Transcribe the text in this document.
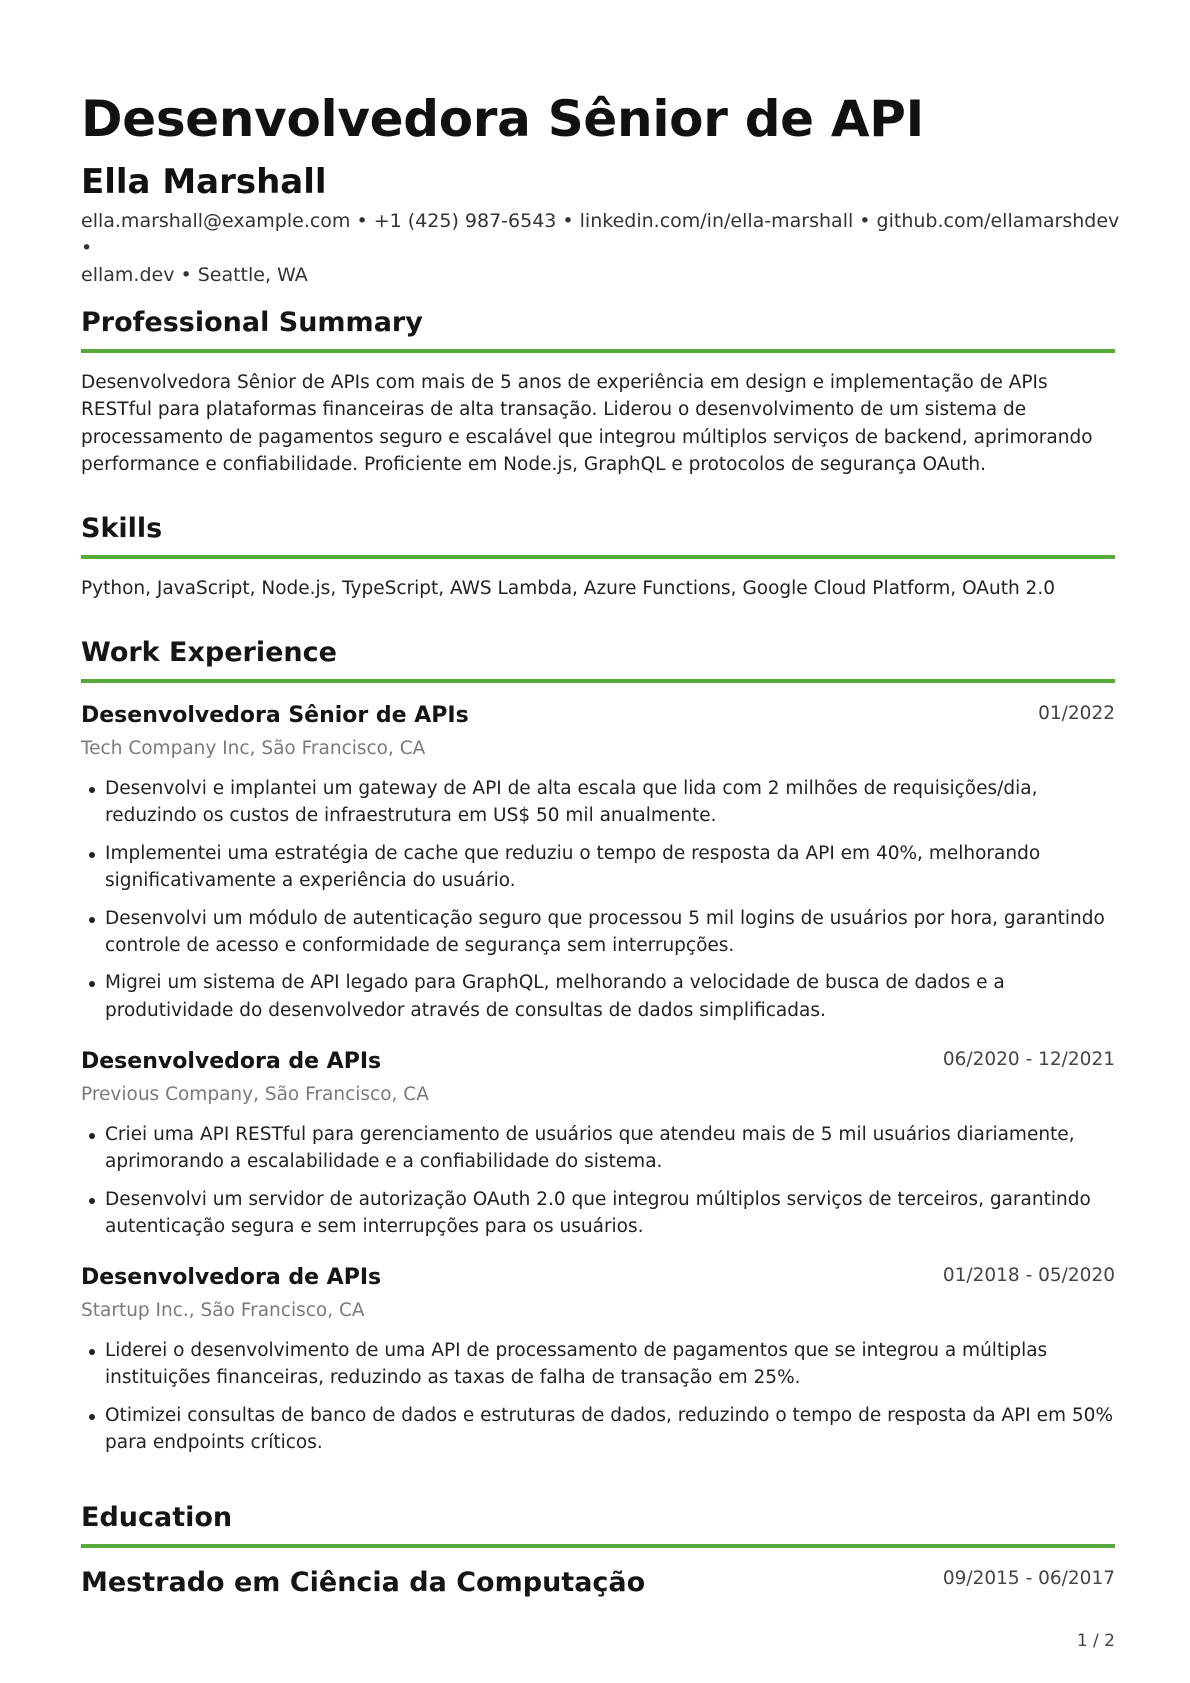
Desenvolvedora Sênior de API
Ella Marshall
ella.marshall@example.com • +1 (425) 987-6543 • linkedin.com/in/ella-marshall • github.com/ellamarshdev •
ellam.dev • Seattle, WA
Professional Summary

Desenvolvedora Sênior de APIs com mais de 5 anos de experiência em design e implementação de APIs RESTful para plataformas financeiras de alta transação. Liderou o desenvolvimento de um sistema de processamento de pagamentos seguro e escalável que integrou múltiplos serviços de backend, aprimorando performance e confiabilidade. Proficiente em Node.js, GraphQL e protocolos de segurança OAuth.

Skills

Python, JavaScript, Node.js, TypeScript, AWS Lambda, Azure Functions, Google Cloud Platform, OAuth 2.0

Work Experience
Desenvolvedora Sênior de APIs	01/2022
Tech Company Inc, São Francisco, CA
Desenvolvi e implantei um gateway de API de alta escala que lida com 2 milhões de requisições/dia, reduzindo os custos de infraestrutura em US$ 50 mil anualmente.
Implementei uma estratégia de cache que reduziu o tempo de resposta da API em 40%, melhorando significativamente a experiência do usuário.
Desenvolvi um módulo de autenticação seguro que processou 5 mil logins de usuários por hora, garantindo controle de acesso e conformidade de segurança sem interrupções.
Migrei um sistema de API legado para GraphQL, melhorando a velocidade de busca de dados e a produtividade do desenvolvedor através de consultas de dados simplificadas.
Desenvolvedora de APIs	06/2020 - 12/2021
Previous Company, São Francisco, CA
Criei uma API RESTful para gerenciamento de usuários que atendeu mais de 5 mil usuários diariamente, aprimorando a escalabilidade e a confiabilidade do sistema.
Desenvolvi um servidor de autorização OAuth 2.0 que integrou múltiplos serviços de terceiros, garantindo autenticação segura e sem interrupções para os usuários.
Desenvolvedora de APIs	01/2018 - 05/2020
Startup Inc., São Francisco, CA
Liderei o desenvolvimento de uma API de processamento de pagamentos que se integrou a múltiplas instituições financeiras, reduzindo as taxas de falha de transação em 25%.
Otimizei consultas de banco de dados e estruturas de dados, reduzindo o tempo de resposta da API em 50% para endpoints críticos.
Education
Mestrado em Ciência da Computação	09/2015 - 06/2017
1 / 2
